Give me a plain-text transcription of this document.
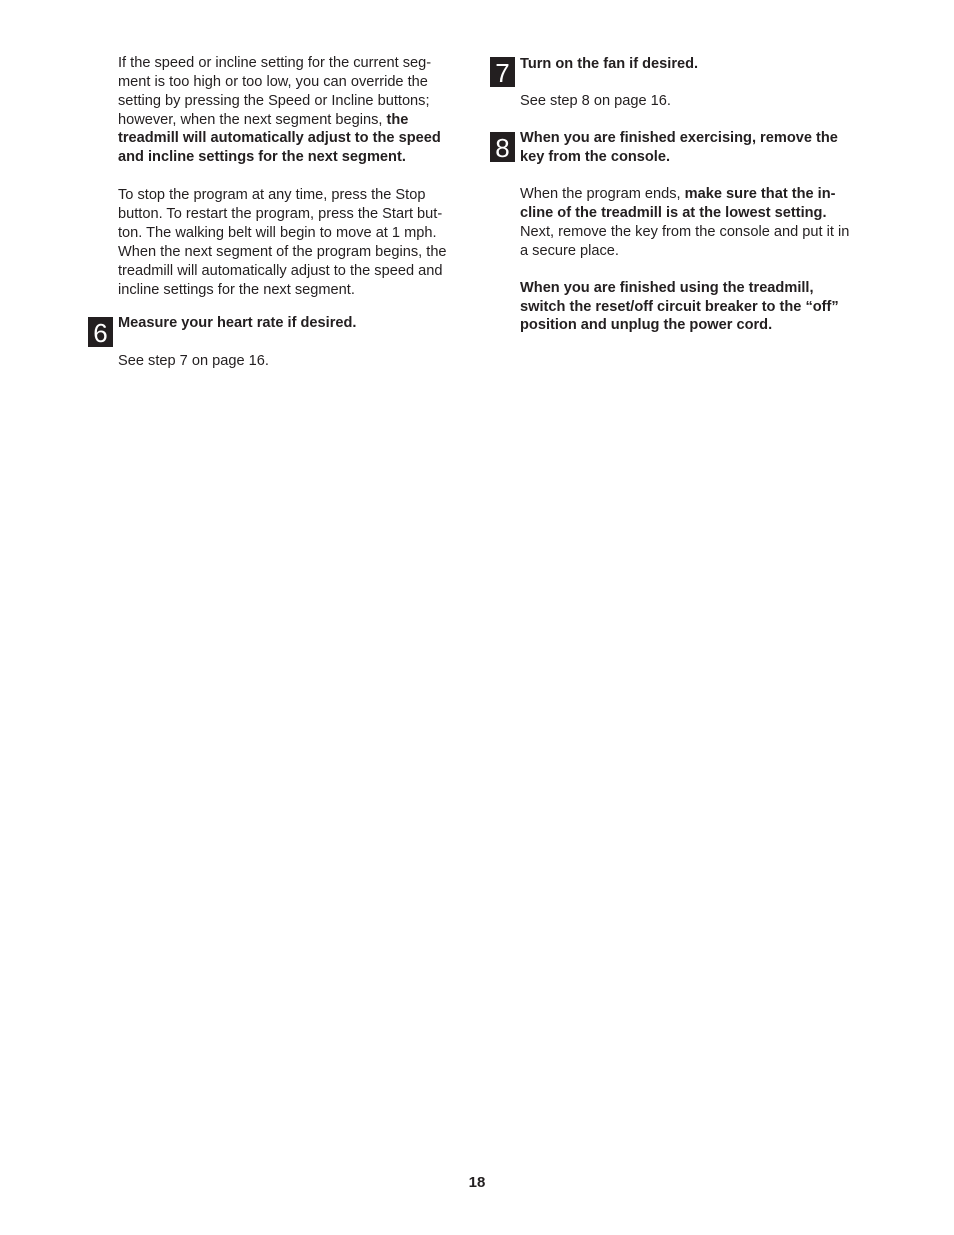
If the speed or incline setting for the current seg-
ment is too high or too low, you can override the
setting by pressing the Speed or Incline buttons;
however, when the next segment begins, the
treadmill will automatically adjust to the speed
and incline settings for the next segment.
To stop the program at any time, press the Stop
button. To restart the program, press the Start but-
ton. The walking belt will begin to move at 1 mph.
When the next segment of the program begins, the
treadmill will automatically adjust to the speed and
incline settings for the next segment.
6 Measure your heart rate if desired.
See step 7 on page 16.
7 Turn on the fan if desired.
See step 8 on page 16.
8 When you are finished exercising, remove the
key from the console.
When the program ends, make sure that the in-
cline of the treadmill is at the lowest setting.
Next, remove the key from the console and put it in
a secure place.
When you are finished using the treadmill,
switch the reset/off circuit breaker to the “off”
position and unplug the power cord.
18
